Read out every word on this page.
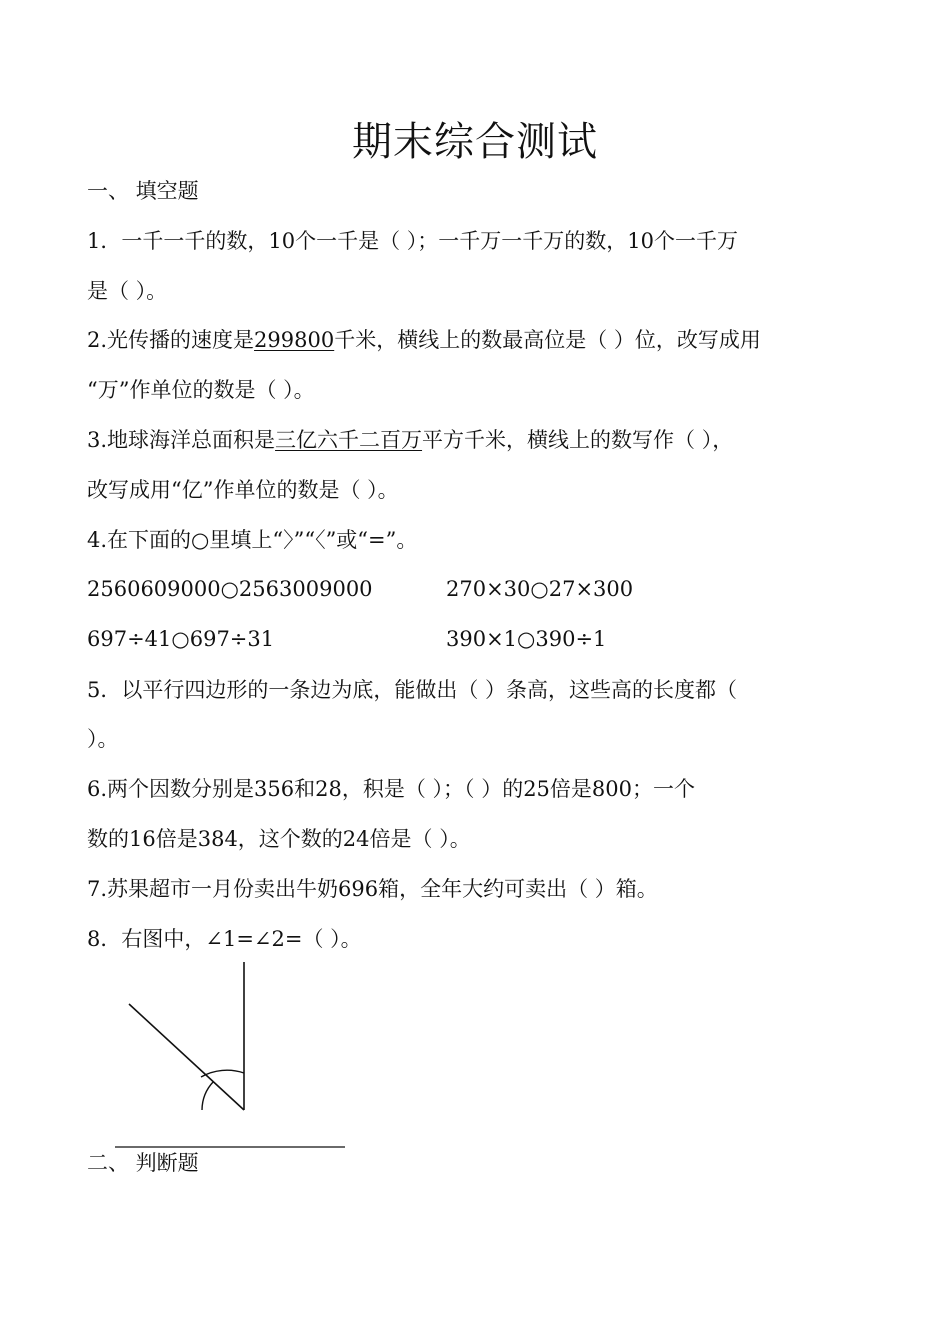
期末综合测试
一、 填空题
1．一千一千的数，10个一千是（ ）；一千万一千万的数，10个一千万
是（ ）。
2.光传播的速度是299800千米，横线上的数最高位是（ ）位，改写成用
“万”作单位的数是（ ）。
3.地球海洋总面积是三亿六千二百万平方千米，横线上的数写作（ ），
改写成用“亿”作单位的数是（ ）。
4.在下面的○里填上“〉”“〈”或“=”。
2560609000○2563009000	270×30○27×300
697÷41○697÷31	390×1○390÷1
5．以平行四边形的一条边为底，能做出（ ）条高，这些高的长度都（
）。
6.两个因数分别是356和28，积是（ ）；（ ）的25倍是800；一个
数的16倍是384，这个数的24倍是（ ）。
7.苏果超市一月份卖出牛奶696箱，全年大约可卖出（ ）箱。
8．右图中，∠1=∠2=（ ）。
二、 判断题
